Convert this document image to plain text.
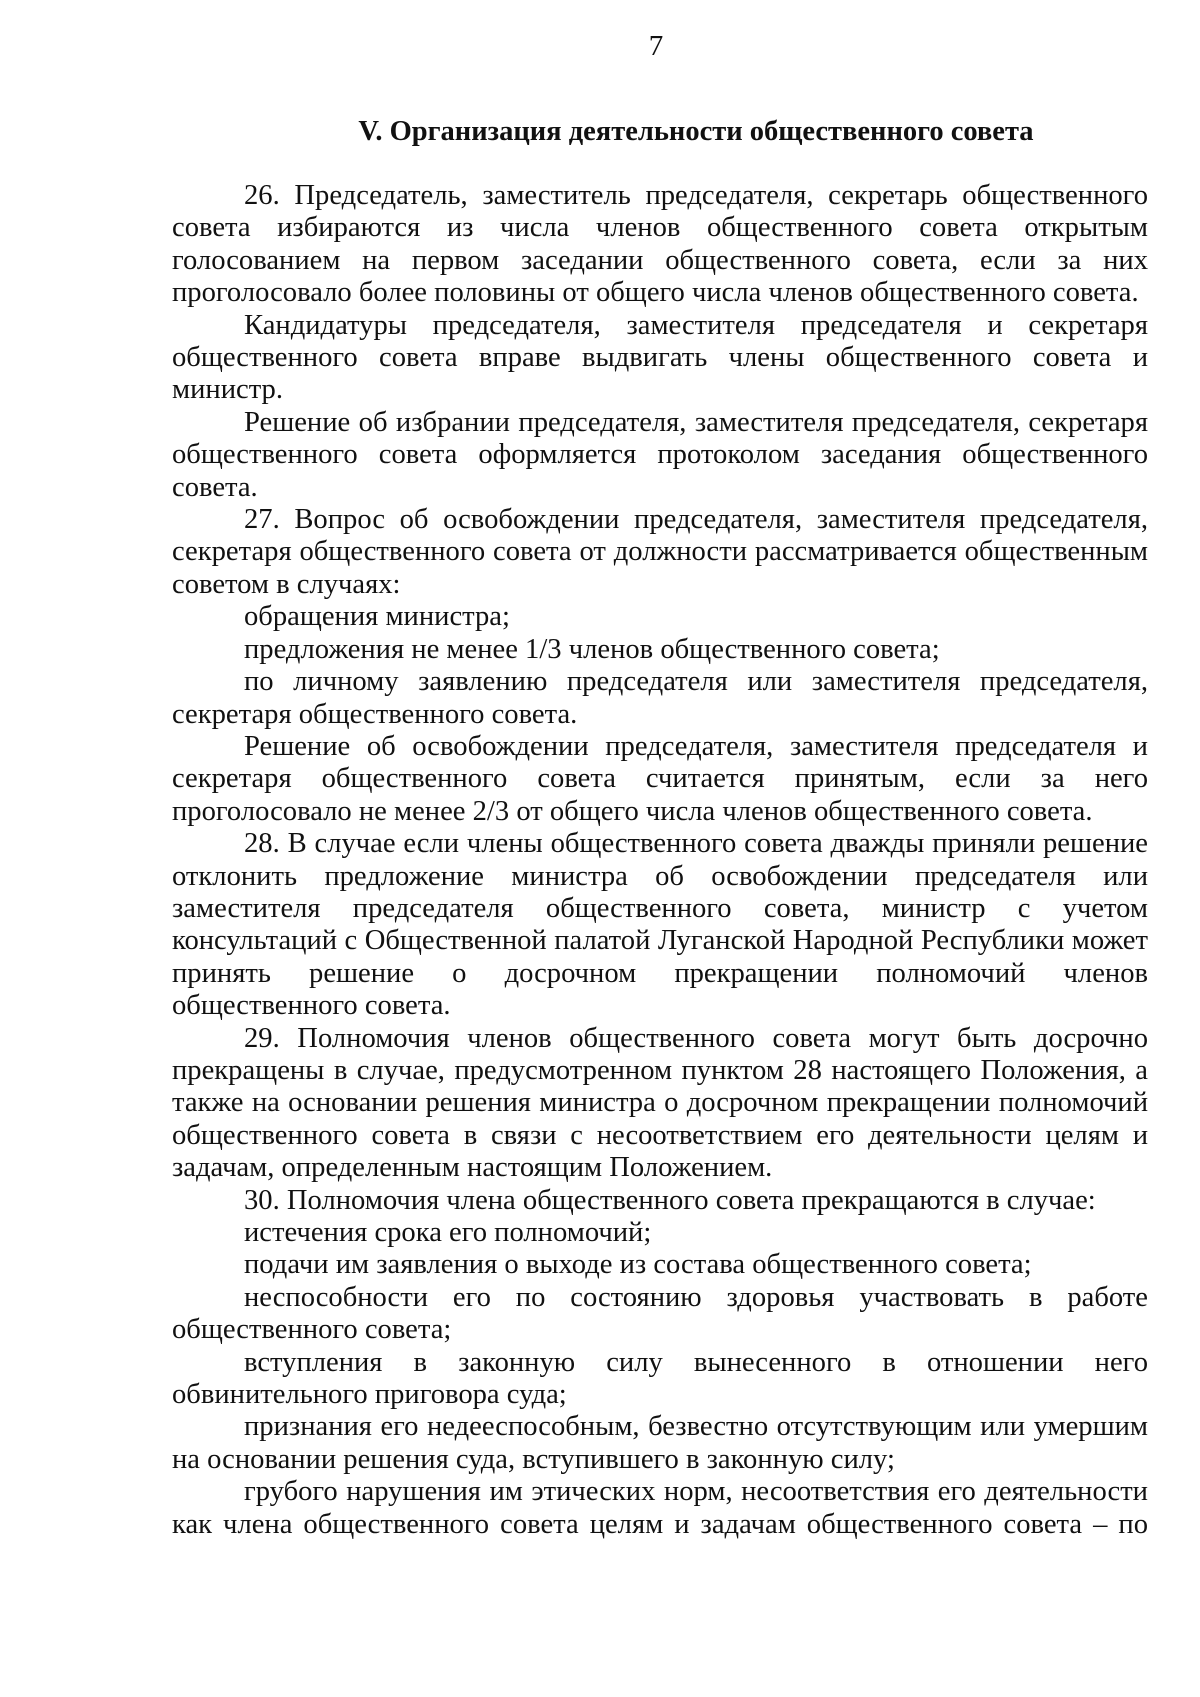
7
V. Организация деятельности общественного совета

26. Председатель, заместитель председателя, секретарь общественного совета избираются из числа членов общественного совета открытым голосованием на первом заседании общественного совета, если за них проголосовало более половины от общего числа членов общественного совета.

Кандидатуры председателя, заместителя председателя и секретаря общественного совета вправе выдвигать члены общественного совета и министр.

Решение об избрании председателя, заместителя председателя, секретаря общественного совета оформляется протоколом заседания общественного совета.

27. Вопрос об освобождении председателя, заместителя председателя, секретаря общественного совета от должности рассматривается общественным советом в случаях:

обращения министра;

предложения не менее 1/3 членов общественного совета;

по личному заявлению председателя или заместителя председателя, секретаря общественного совета.

Решение об освобождении председателя, заместителя председателя и секретаря общественного совета считается принятым, если за него проголосовало не менее 2/3 от общего числа членов общественного совета.

28. В случае если члены общественного совета дважды приняли решение отклонить предложение министра об освобождении председателя или заместителя председателя общественного совета, министр с учетом консультаций с Общественной палатой Луганской Народной Республики может принять решение о досрочном прекращении полномочий членов общественного совета.

29. Полномочия членов общественного совета могут быть досрочно прекращены в случае, предусмотренном пунктом 28 настоящего Положения, а также на основании решения министра о досрочном прекращении полномочий общественного совета в связи с несоответствием его деятельности целям и задачам, определенным настоящим Положением.

30. Полномочия члена общественного совета прекращаются в случае:

истечения срока его полномочий;

подачи им заявления о выходе из состава общественного совета;

неспособности его по состоянию здоровья участвовать в работе общественного совета;

вступления в законную силу вынесенного в отношении него обвинительного приговора суда;

признания его недееспособным, безвестно отсутствующим или умершим на основании решения суда, вступившего в законную силу;

грубого нарушения им этических норм, несоответствия его деятельности как члена общественного совета целям и задачам общественного совета – по
